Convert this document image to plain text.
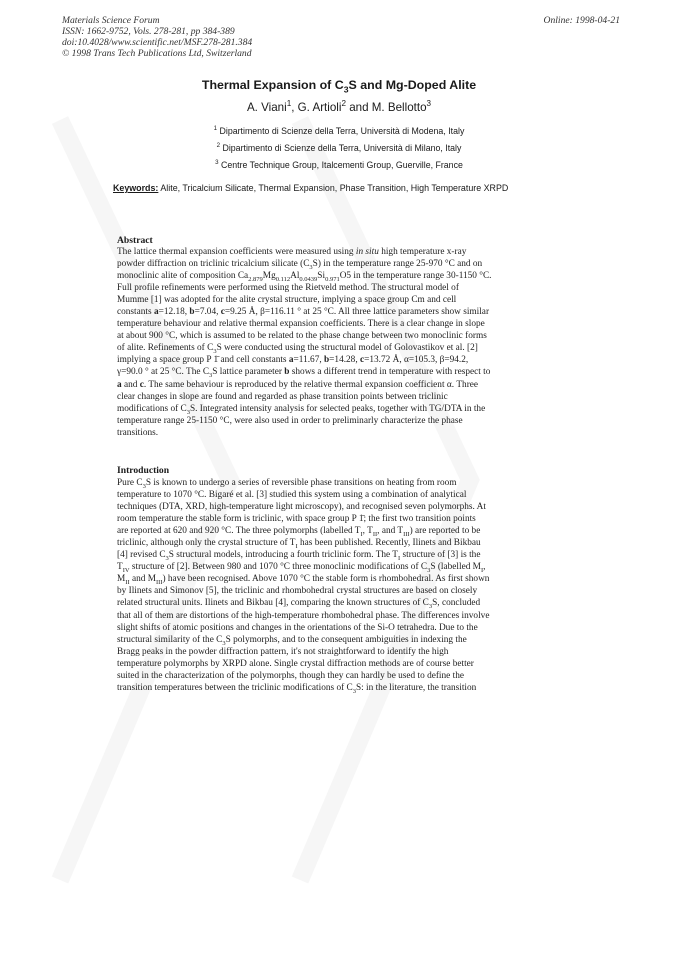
Materials Science Forum
ISSN: 1662-9752, Vols. 278-281, pp 384-389
doi:10.4028/www.scientific.net/MSF.278-281.384
© 1998 Trans Tech Publications Ltd, Switzerland
Online: 1998-04-21
Thermal Expansion of $C_3S$ and Mg-Doped Alite
A. Viani$^1$, G. Artioli$^2$ and M. Bellotto$^3$
$^1$ Dipartimento di Scienze della Terra, Università di Modena, Italy
$^2$ Dipartimento di Scienze della Terra, Università di Milano, Italy
$^3$ Centre Technique Group, Italcementi Group, Guerville, France
Keywords: Alite, Tricalcium Silicate, Thermal Expansion, Phase Transition, High Temperature XRPD
Abstract
The lattice thermal expansion coefficients were measured using in situ high temperature x-ray
powder diffraction on triclinic tricalcium silicate $(C_3S)$ in the temperature range 25-970 °C and on
monoclinic alite of composition $Ca_{2.879}Mg_{0.112}Al_{0.0439}Si_{0.971}O5$ in the temperature range 30-1150 °C.
Full profile refinements were performed using the Rietveld method. The structural model of
Mumme [1] was adopted for the alite crystal structure, implying a space group Cm and cell
constants a=12.18, b=7.04, c=9.25 Å, β=116.11 ° at 25 °C. All three lattice parameters show similar
temperature behaviour and relative thermal expansion coefficients. There is a clear change in slope
at about 900 °C, which is assumed to be related to the phase change between two monoclinic forms
of alite. Refinements of $C_3S$ were conducted using the structural model of Golovastikov et al. [2]
implying a space group P 1̄ and cell constants a=11.67, b=14.28, c=13.72 Å, α=105.3, β=94.2,
γ=90.0 ° at 25 °C. The $C_3S$ lattice parameter b shows a different trend in temperature with respect to
a and c. The same behaviour is reproduced by the relative thermal expansion coefficient α. Three
clear changes in slope are found and regarded as phase transition points between triclinic
modifications of $C_3S$. Integrated intensity analysis for selected peaks, together with TG/DTA in the
temperature range 25-1150 °C, were also used in order to preliminarly characterize the phase
transitions.
Introduction
Pure $C_3S$ is known to undergo a series of reversible phase transitions on heating from room
temperature to 1070 °C. Bigaré et al. [3] studied this system using a combination of analytical
techniques (DTA, XRD, high-temperature light microscopy), and recognised seven polymorphs. At
room temperature the stable form is triclinic, with space group P 1̄; the first two transition points
are reported at 620 and 920 °C. The three polymorphs (labelled $T_I$, $T_{II}$, and $T_{III}$) are reported to be
triclinic, although only the crystal structure of $T_I$ has been published. Recently, Ilinets and Bikbau
[4] revised $C_3S$ structural models, introducing a fourth triclinic form. The $T_I$ structure of [3] is the
$T_{IV}$ structure of [2]. Between 980 and 1070 °C three monoclinic modifications of $C_3S$ (labelled $M_I$,
$M_{II}$ and $M_{III}$) have been recognised. Above 1070 °C the stable form is rhombohedral. As first shown
by Ilinets and Simonov [5], the triclinic and rhombohedral crystal structures are based on closely
related structural units. Ilinets and Bikbau [4], comparing the known structures of $C_3S$, concluded
that all of them are distortions of the high-temperature rhombohedral phase. The differences involve
slight shifts of atomic positions and changes in the orientations of the Si-O tetrahedra. Due to the
structural similarity of the $C_3S$ polymorphs, and to the consequent ambiguities in indexing the
Bragg peaks in the powder diffraction pattern, it's not straightforward to identify the high
temperature polymorphs by XRPD alone. Single crystal diffraction methods are of course better
suited in the characterization of the polymorphs, though they can hardly be used to define the
transition temperatures between the triclinic modifications of $C_3S$: in the literature, the transition
